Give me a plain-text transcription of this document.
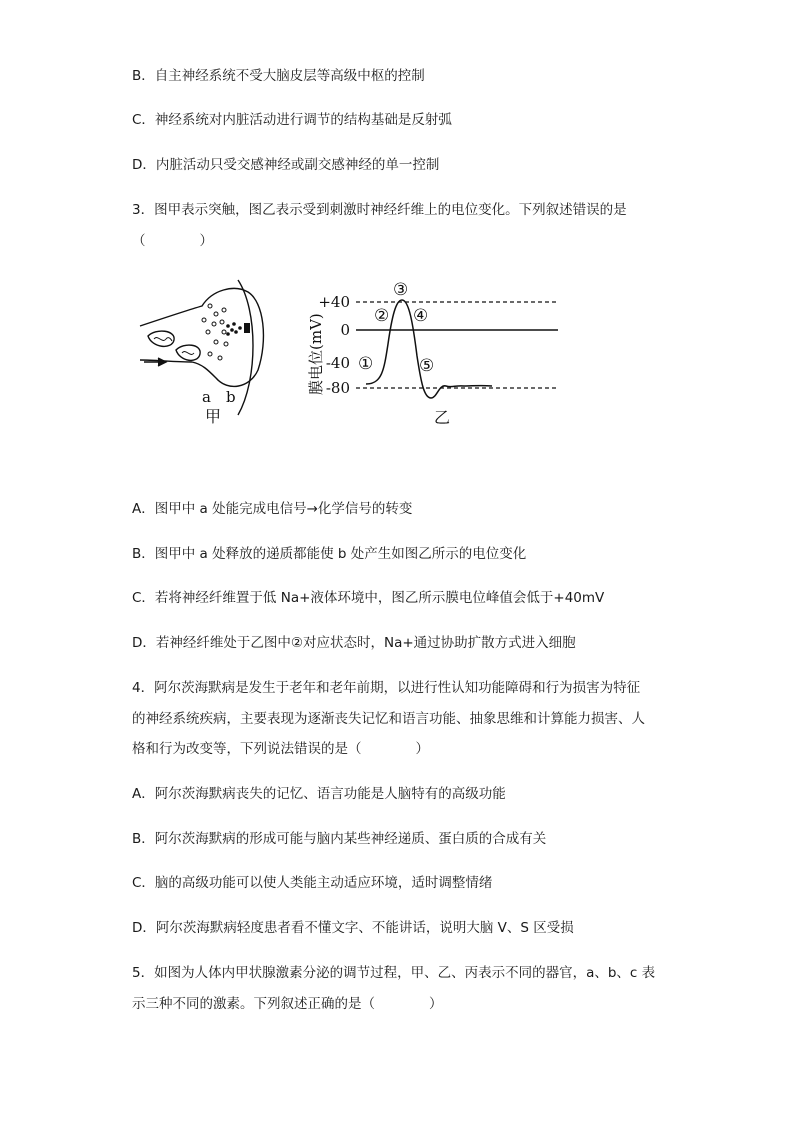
B．自主神经系统不受大脑皮层等高级中枢的控制
C．神经系统对内脏活动进行调节的结构基础是反射弧
D．内脏活动只受交感神经或副交感神经的单一控制
3．图甲表示突触，图乙表示受到刺激时神经纤维上的电位变化。下列叙述错误的是
（　　　　）
a b
甲
膜电位(mV)
+40
0
-40
-80
①
②
③
④
⑤
乙
A．图甲中 a 处能完成电信号→化学信号的转变
B．图甲中 a 处释放的递质都能使 b 处产生如图乙所示的电位变化
C．若将神经纤维置于低 Na+液体环境中，图乙所示膜电位峰值会低于+40mV
D．若神经纤维处于乙图中②对应状态时，Na+通过协助扩散方式进入细胞
4．阿尔茨海默病是发生于老年和老年前期，以进行性认知功能障碍和行为损害为特征
的神经系统疾病，主要表现为逐渐丧失记忆和语言功能、抽象思维和计算能力损害、人
格和行为改变等，下列说法错误的是（　　　　）
A．阿尔茨海默病丧失的记忆、语言功能是人脑特有的高级功能
B．阿尔茨海默病的形成可能与脑内某些神经递质、蛋白质的合成有关
C．脑的高级功能可以使人类能主动适应环境，适时调整情绪
D．阿尔茨海默病轻度患者看不懂文字、不能讲话，说明大脑 V、S 区受损
5．如图为人体内甲状腺激素分泌的调节过程，甲、乙、丙表示不同的器官，a、b、c 表
示三种不同的激素。下列叙述正确的是（　　　　）
